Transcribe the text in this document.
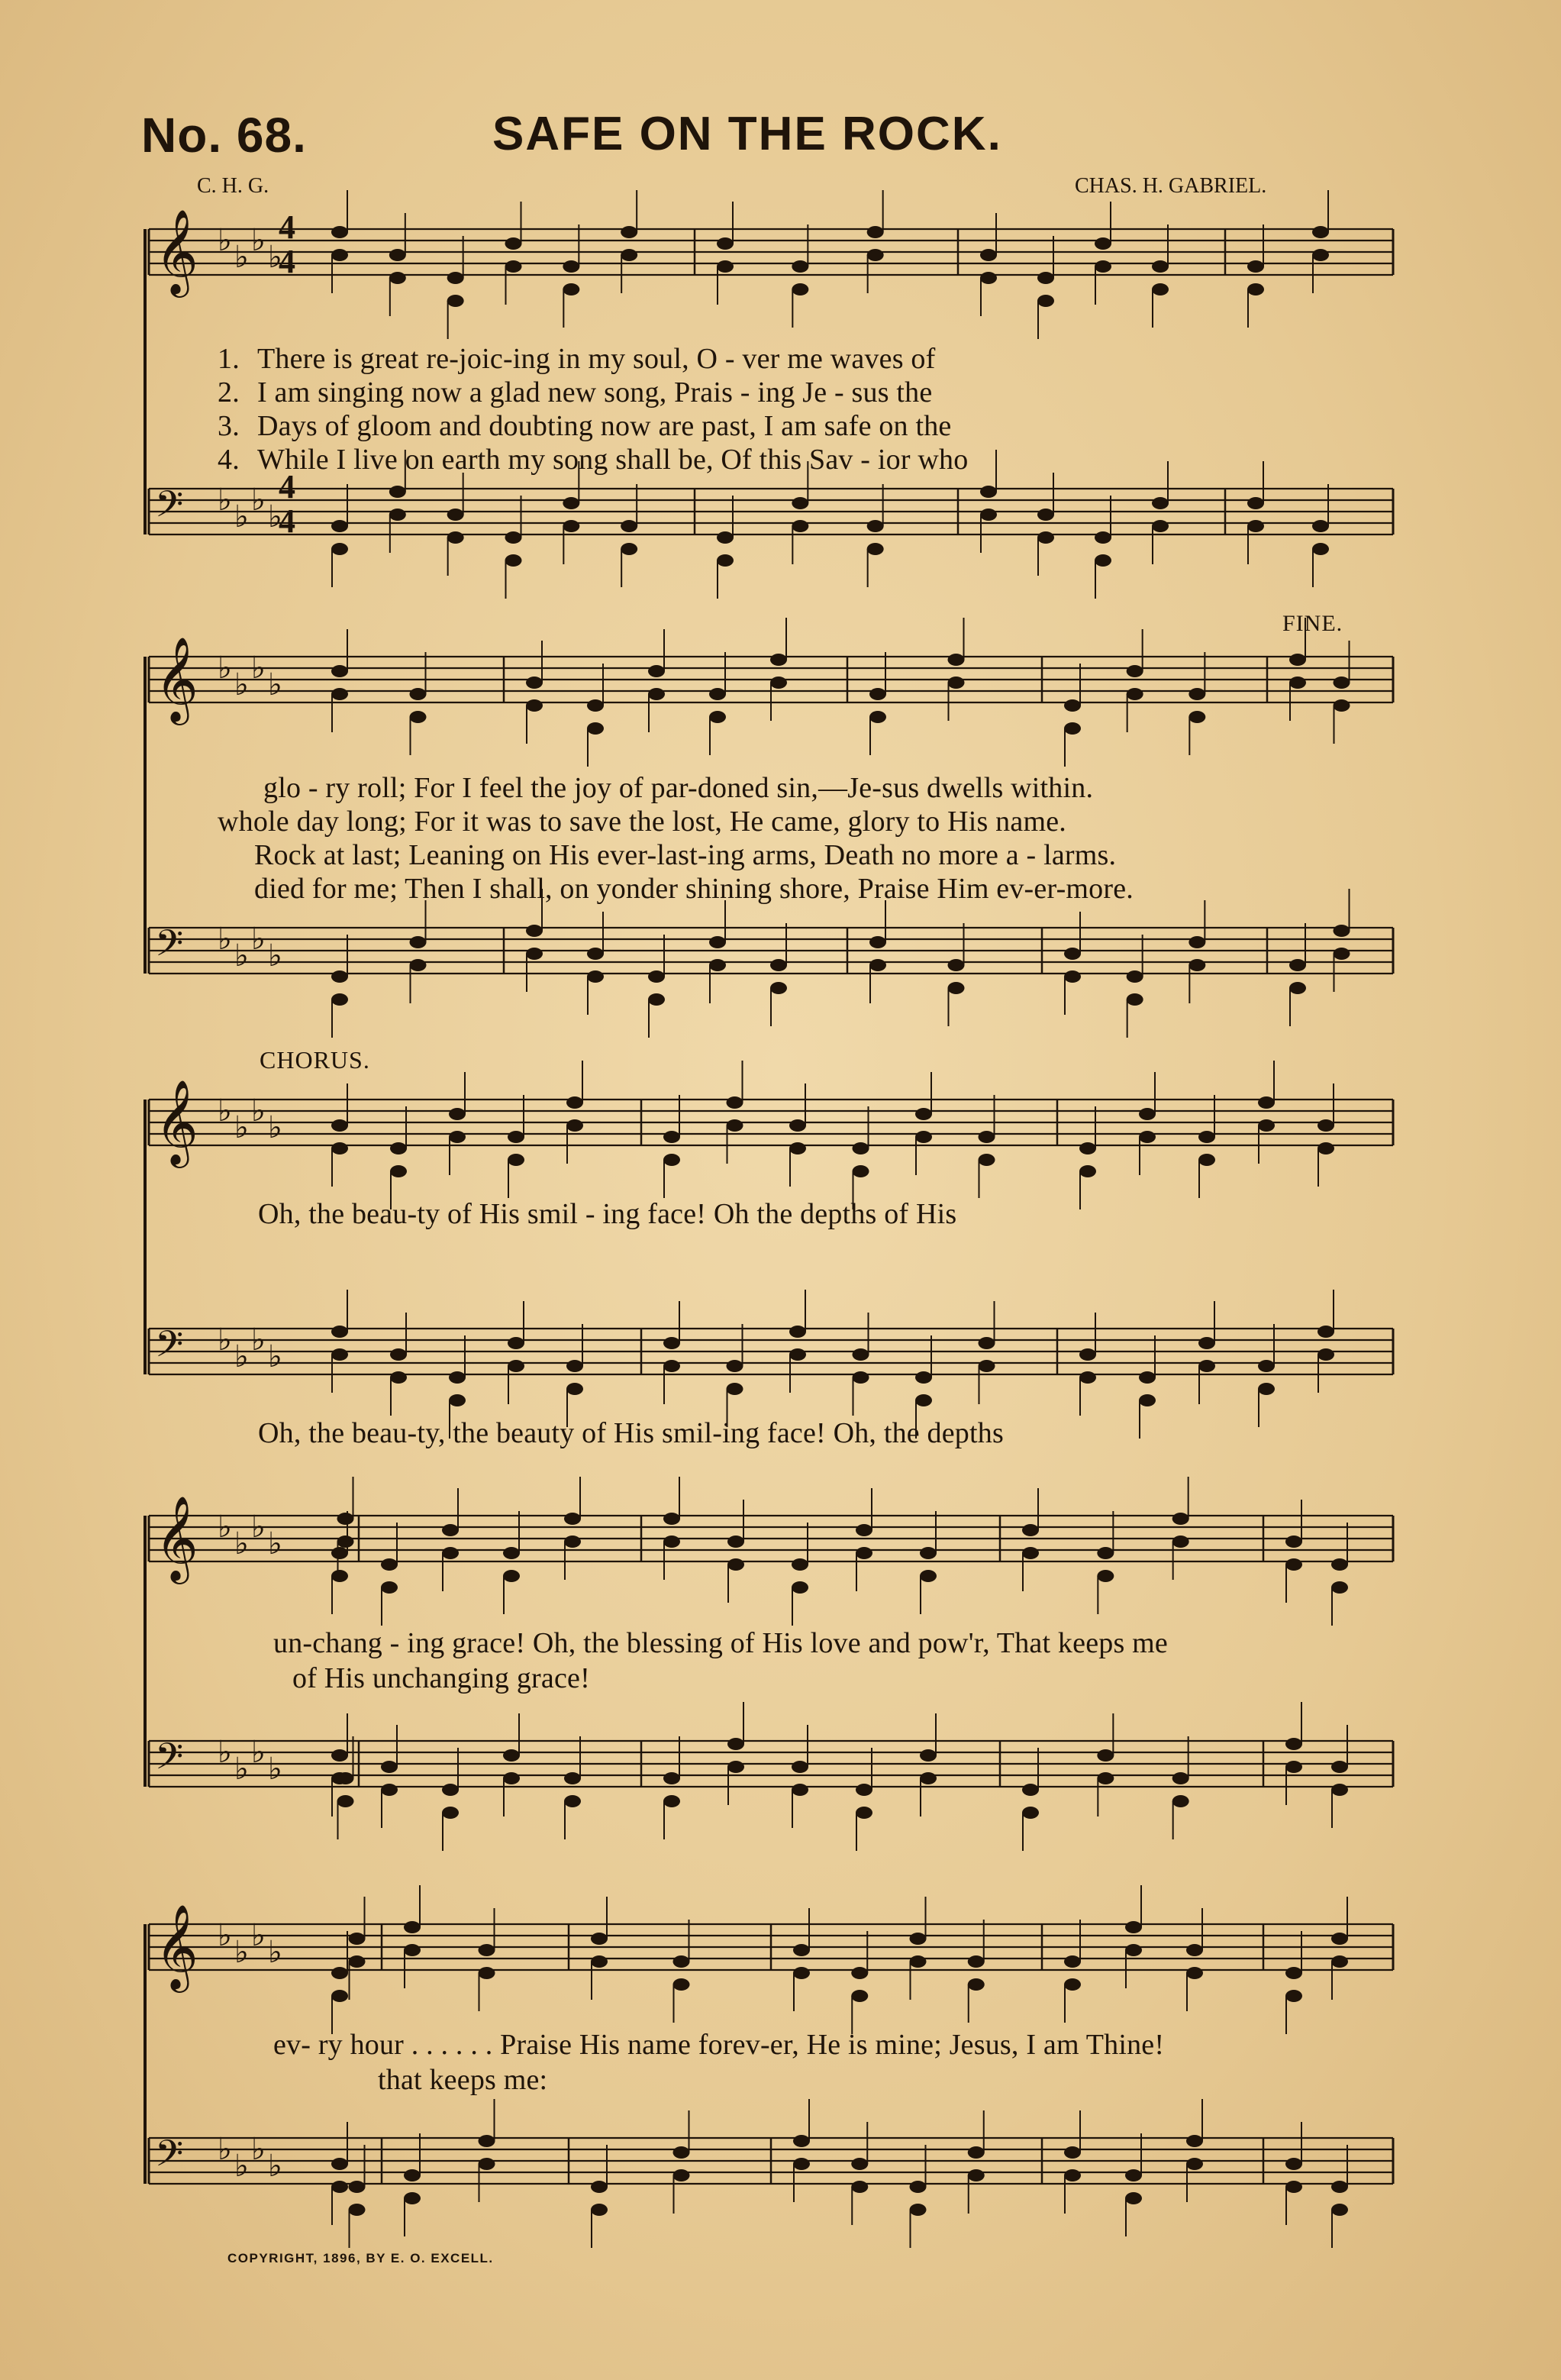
𝄞 ♭ ♭ ♭ ♭
𝄢 ♭ ♭ ♭ ♭
𝄞 ♭ ♭ ♭ ♭
𝄢 ♭ ♭ ♭ ♭
𝄞 ♭ ♭ ♭ ♭
𝄢 ♭ ♭ ♭ ♭
𝄞 ♭ ♭ ♭ ♭
𝄢 ♭ ♭ ♭ ♭
𝄞 ♭ ♭ ♭ ♭
𝄢 ♭ ♭ ♭ ♭
4
4
4
4
No. 68.	SAFE ON THE ROCK.
C. H. G.	CHAS. H. GABRIEL.
1. There is great re-joic-ing in my soul, O - ver me waves of
2. I am singing now a glad new song, Prais - ing Je - sus the
3. Days of gloom and doubting now are past, I am safe on the
4. While I live on earth my song shall be, Of this Sav - ior who
FINE.
glo - ry roll; For I feel the joy of par-doned sin,—Je-sus dwells within.
whole day long; For it was to save the lost, He came, glory to His name.
Rock at last; Leaning on His ever-last-ing arms, Death no more a - larms.
died for me; Then I shall, on yonder shining shore, Praise Him ev-er-more.
CHORUS.
Oh, the beau-ty of His smil - ing face! Oh the depths of His
Oh, the beau-ty, the beauty of His smil-ing face! Oh, the depths
un-chang - ing grace! Oh, the blessing of His love and pow'r, That keeps me
of His unchanging grace!
ev- ry hour . . . . . . Praise His name forev-er, He is mine; Jesus, I am Thine!
that keeps me:
COPYRIGHT, 1896, BY E. O. EXCELL.
